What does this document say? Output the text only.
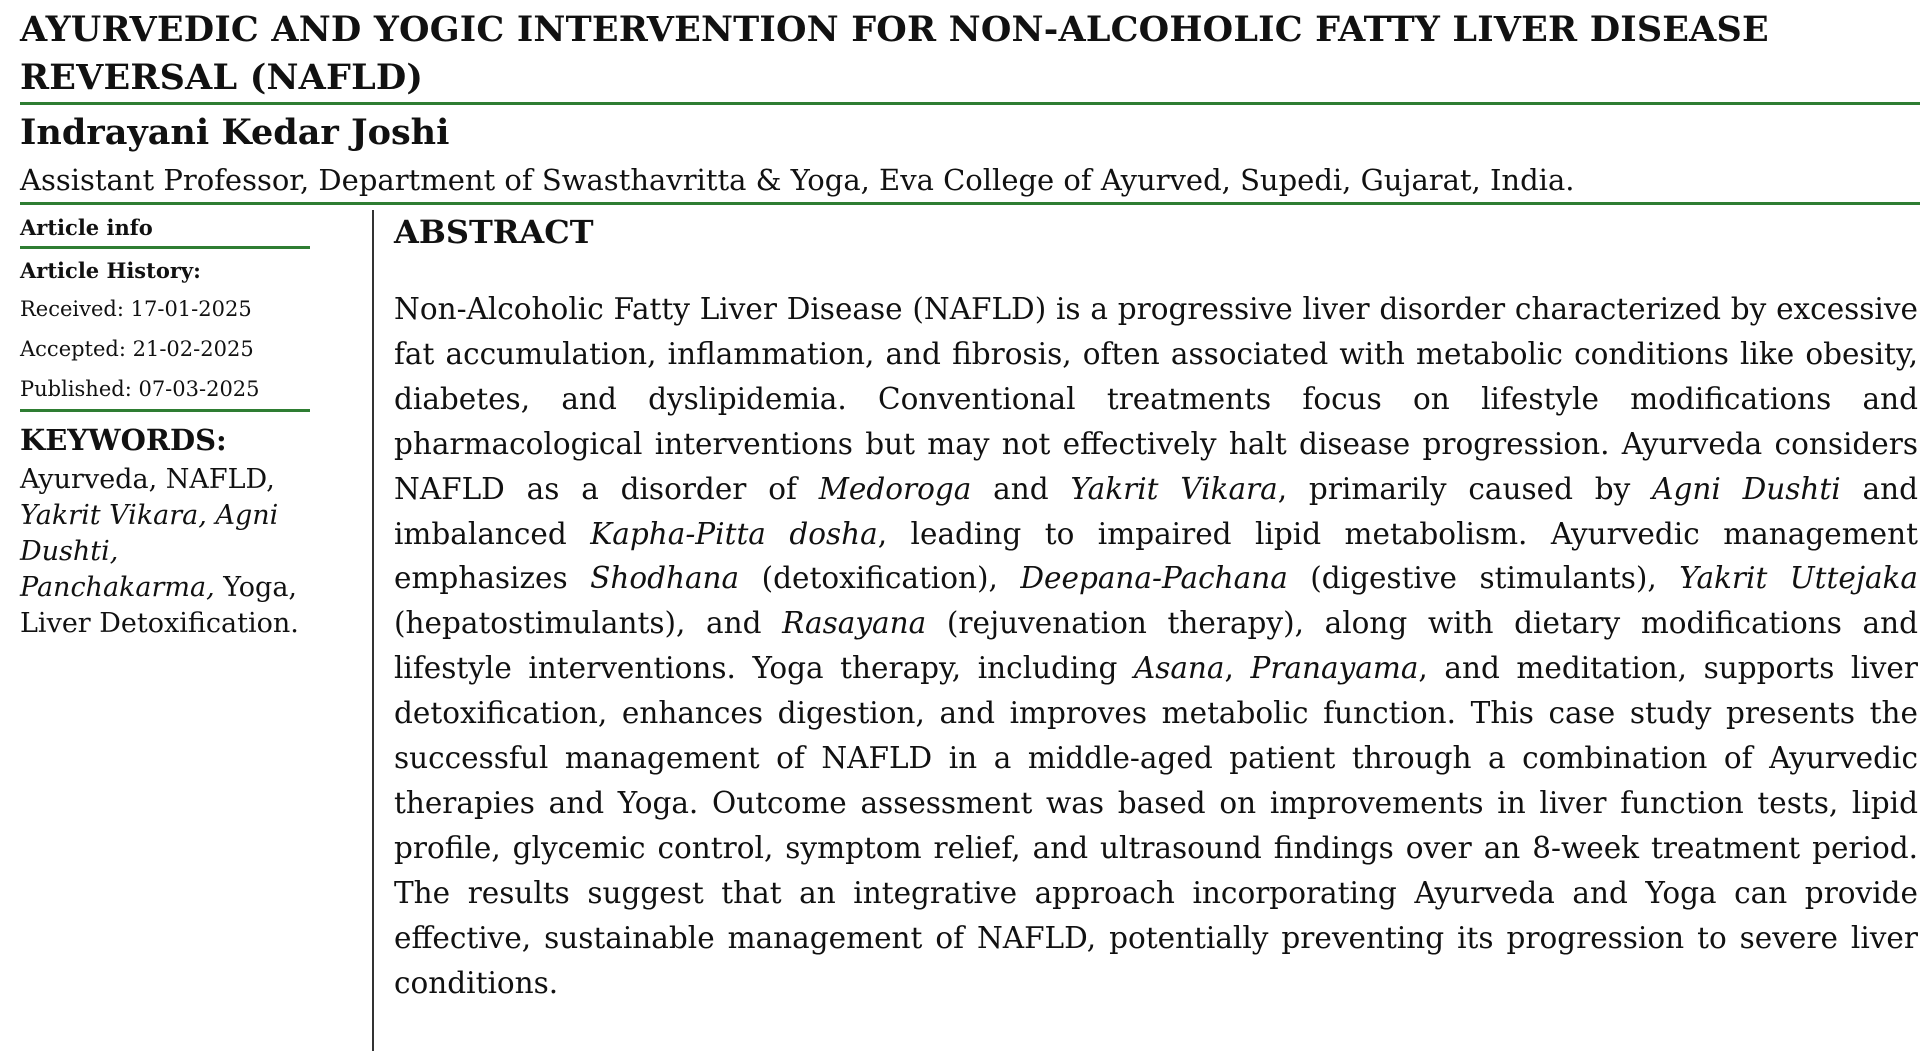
AYURVEDIC AND YOGIC INTERVENTION FOR NON-ALCOHOLIC FATTY LIVER DISEASE REVERSAL (NAFLD)
Indrayani Kedar Joshi
Assistant Professor, Department of Swasthavritta & Yoga, Eva College of Ayurved, Supedi, Gujarat, India.
Article info
Article History:
Received: 17-01-2025
Accepted: 21-02-2025
Published: 07-03-2025
KEYWORDS:
Ayurveda, NAFLD, Yakrit Vikara, Agni Dushti, Panchakarma, Yoga, Liver Detoxification.
ABSTRACT

Non-Alcoholic Fatty Liver Disease (NAFLD) is a progressive liver disorder characterized by excessive fat accumulation, inflammation, and fibrosis, often associated with metabolic conditions like obesity, diabetes, and dyslipidemia. Conventional treatments focus on lifestyle modifications and pharmacological interventions but may not effectively halt disease progression. Ayurveda considers NAFLD as a disorder of Medoroga and Yakrit Vikara, primarily caused by Agni Dushti and imbalanced Kapha-Pitta dosha, leading to impaired lipid metabolism. Ayurvedic management emphasizes Shodhana (detoxification), Deepana-Pachana (digestive stimulants), Yakrit Uttejaka (hepatostimulants), and Rasayana (rejuvenation therapy), along with dietary modifications and lifestyle interventions. Yoga therapy, including Asana, Pranayama, and meditation, supports liver detoxification, enhances digestion, and improves metabolic function. This case study presents the successful management of NAFLD in a middle-aged patient through a combination of Ayurvedic therapies and Yoga. Outcome assessment was based on improvements in liver function tests, lipid profile, glycemic control, symptom relief, and ultrasound findings over an 8-week treatment period. The results suggest that an integrative approach incorporating Ayurveda and Yoga can provide effective, sustainable management of NAFLD, potentially preventing its progression to severe liver conditions.
